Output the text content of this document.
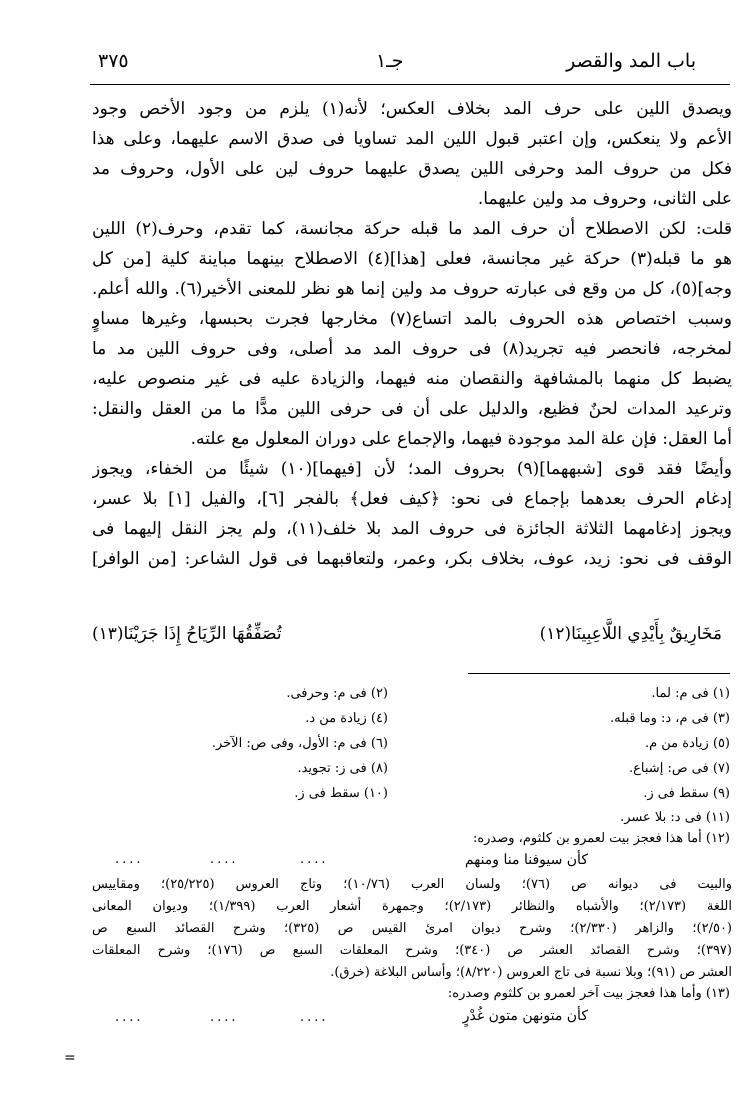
باب المد والقصر
جـ١
٣٧٥
ويصدق اللين على حرف المد بخلاف العكس؛ لأنه(١) يلزم من وجود الأخص وجود
الأعم ولا ينعكس، وإن اعتبر قبول اللين المد تساويا فى صدق الاسم عليهما، وعلى هذا
فكل من حروف المد وحرفى اللين يصدق عليهما حروف لين على الأول، وحروف مد
على الثانى، وحروف مد ولين عليهما.
قلت: لكن الاصطلاح أن حرف المد ما قبله حركة مجانسة، كما تقدم، وحرف(٢) اللين
هو ما قبله(٣) حركة غير مجانسة، فعلى [هذا](٤) الاصطلاح بينهما مباينة كلية [من كل
وجه](٥)، كل من وقع فى عبارته حروف مد ولين إنما هو نظر للمعنى الأخير(٦). والله أعلم.
وسبب اختصاص هذه الحروف بالمد اتساع(٧) مخارجها فجرت بحبسها، وغيرها مساوٍ
لمخرجه، فانحصر فيه تجريد(٨) فى حروف المد مد أصلى، وفى حروف اللين مد ما
يضبط كل منهما بالمشافهة والنقصان منه فيهما، والزيادة عليه فى غير منصوص عليه،
وترعيد المدات لحنٌ فظيع، والدليل على أن فى حرفى اللين مدًّا ما من العقل والنقل:
أما العقل: فإن علة المد موجودة فيهما، والإجماع على دوران المعلول مع علته.
وأيضًا فقد قوى [شبههما](٩) بحروف المد؛ لأن [فيهما](١٠) شيئًا من الخفاء، ويجوز
إدغام الحرف بعدهما بإجماع فى نحو: ﴿كيف فعل﴾ بالفجر [٦]، والفيل [١] بلا عسر،
ويجوز إدغامهما الثلاثة الجائزة فى حروف المد بلا خلف(١١)، ولم يجز النقل إليهما فى
الوقف فى نحو: زيد، عوف، بخلاف بكر، وعمر، ولتعاقبهما فى قول الشاعر: [من الوافر]
مَخَارِيقٌ بِأَيْدِي اللَّاعِبِينَا(١٢)
تُصَفِّقُهَا الرِّيَاحُ إِذَا جَرَيْنَا(١٣)
(١) فى م: لما.
(٢) فى م: وحرفى.
(٣) فى م، د: وما قبله.
(٤) زيادة من د.
(٥) زيادة من م.
(٦) فى م: الأول، وفى ص: الآخر.
(٧) فى ص: إشباع.
(٨) فى ز: تجويد.
(٩) سقط فى ز.
(١٠) سقط فى ز.
(١١) فى د: بلا عسر.
(١٢) أما هذا فعجز بيت لعمرو بن كلثوم، وصدره:
كأن سيوفنا منا ومنهم
....
....
....
والبيت فى ديوانه ص (٧٦)؛ ولسان العرب (١٠/٧٦)؛ وتاج العروس (٢٥/٢٢٥)؛ ومقاييس
اللغة (٢/١٧٣)؛ والأشباه والنظائر (٢/١٧٣)؛ وجمهرة أشعار العرب (١/٣٩٩)؛ وديوان المعانى
(٢/٥٠)؛ والزاهر (٢/٣٣٠)؛ وشرح ديوان امرئ القيس ص (٣٢٥)؛ وشرح القصائد السبع ص
(٣٩٧)؛ وشرح القصائد العشر ص (٣٤٠)؛ وشرح المعلقات السبع ص (١٧٦)؛ وشرح المعلقات
العشر ص (٩١)؛ وبلا نسبة فى تاج العروس (٨/٢٢٠)؛ وأساس البلاغة (خرق).
(١٣) وأما هذا فعجز بيت آخر لعمرو بن كلثوم وصدره:
كأن متونهن متون غُدْرٍ
....
....
....
=
